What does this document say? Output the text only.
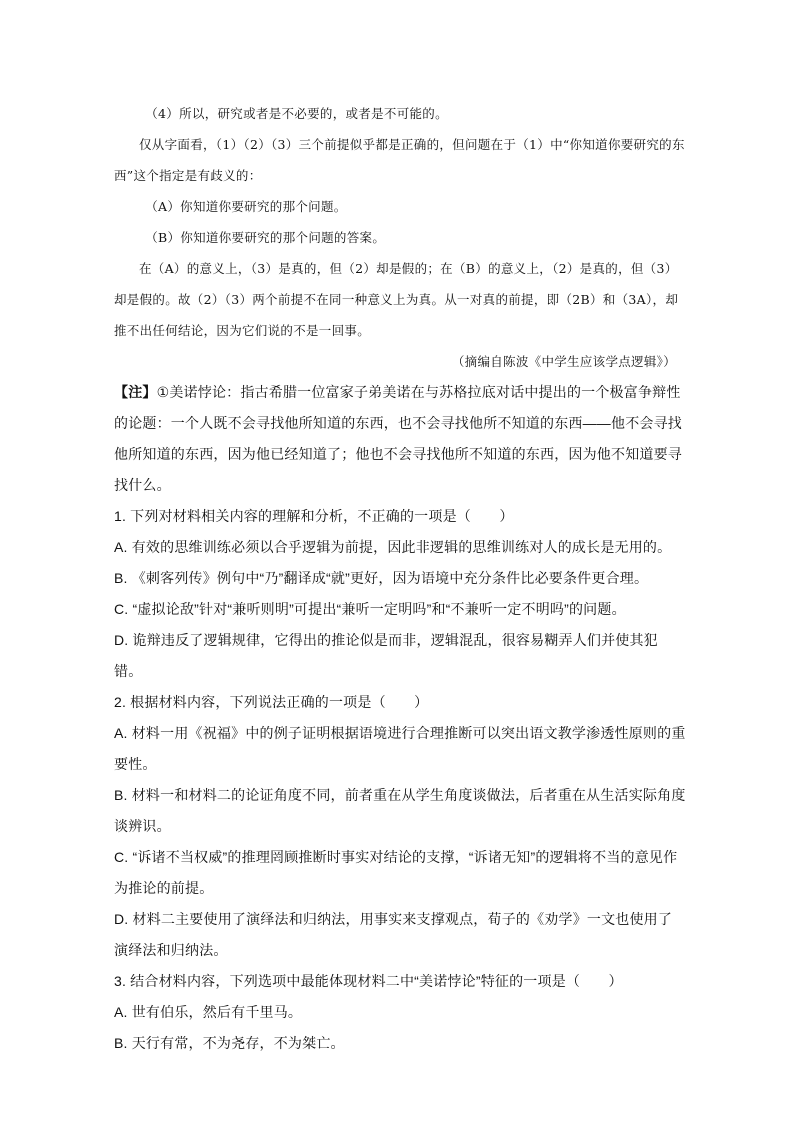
（4）所以，研究或者是不必要的，或者是不可能的。

仅从字面看，（1）（2）（3）三个前提似乎都是正确的，但问题在于（1）中“你知道你要研究的东西”这个指定是有歧义的：

（A）你知道你要研究的那个问题。

（B）你知道你要研究的那个问题的答案。

在（A）的意义上，（3）是真的，但（2）却是假的；在（B）的意义上，（2）是真的，但（3）却是假的。故（2）（3）两个前提不在同一种意义上为真。从一对真的前提，即（2B）和（3A），却推不出任何结论，因为它们说的不是一回事。

（摘编自陈波《中学生应该学点逻辑》）

【注】①美诺悖论：指古希腊一位富家子弟美诺在与苏格拉底对话中提出的一个极富争辩性的论题：一个人既不会寻找他所知道的东西，也不会寻找他所不知道的东西——他不会寻找他所知道的东西，因为他已经知道了；他也不会寻找他所不知道的东西，因为他不知道要寻找什么。

1. 下列对材料相关内容的理解和分析，不正确的一项是（　　）

A. 有效的思维训练必须以合乎逻辑为前提，因此非逻辑的思维训练对人的成长是无用的。

B. 《刺客列传》例句中“乃”翻译成“就”更好，因为语境中充分条件比必要条件更合理。

C. “虚拟论敌”针对“兼听则明”可提出“兼听一定明吗”和“不兼听一定不明吗”的问题。

D. 诡辩违反了逻辑规律，它得出的推论似是而非，逻辑混乱，很容易糊弄人们并使其犯错。

2. 根据材料内容，下列说法正确的一项是（　　）

A. 材料一用《祝福》中的例子证明根据语境进行合理推断可以突出语文教学渗透性原则的重要性。

B. 材料一和材料二的论证角度不同，前者重在从学生角度谈做法，后者重在从生活实际角度谈辨识。

C. “诉诸不当权威”的推理罔顾推断时事实对结论的支撑，“诉诸无知”的逻辑将不当的意见作为推论的前提。

D. 材料二主要使用了演绎法和归纳法，用事实来支撑观点，荀子的《劝学》一文也使用了演绎法和归纳法。

3. 结合材料内容，下列选项中最能体现材料二中“美诺悖论”特征的一项是（　　）

A. 世有伯乐，然后有千里马。

B. 天行有常，不为尧存，不为桀亡。
